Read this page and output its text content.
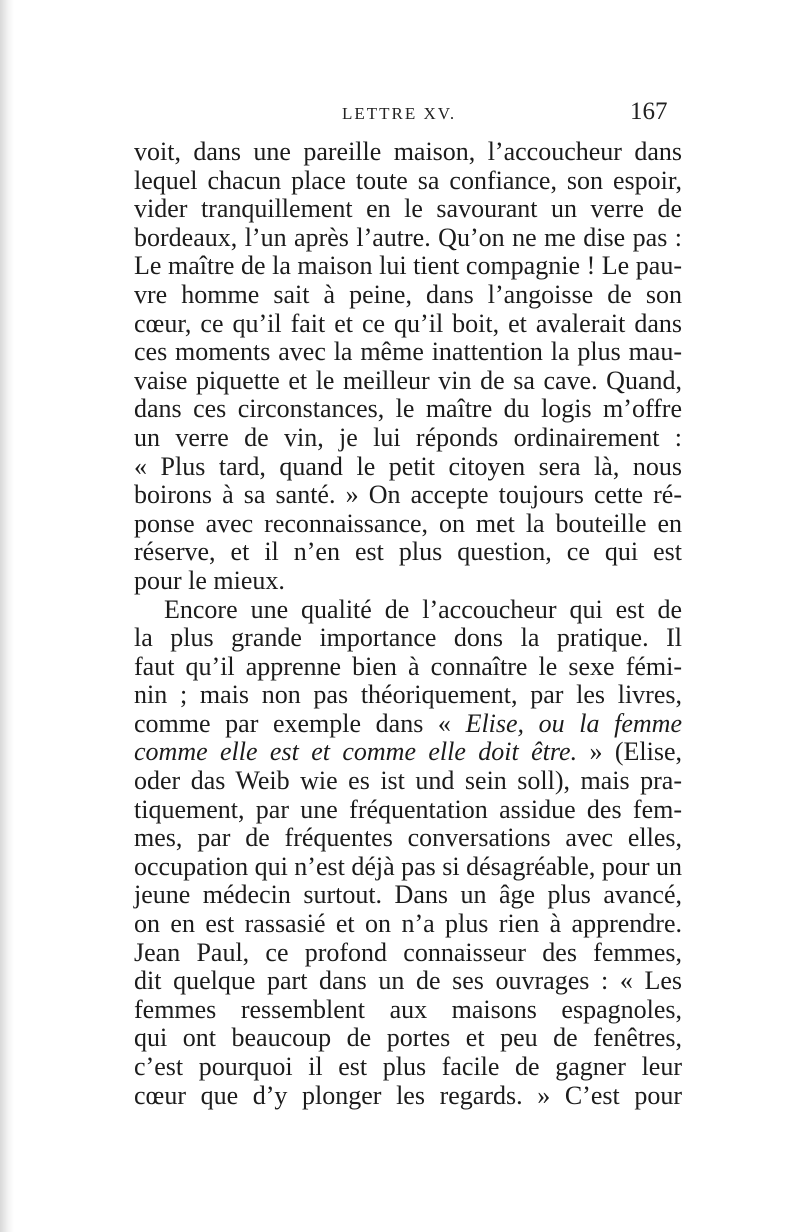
LETTRE XV.	167
voit, dans une pareille maison, l’accoucheur dans
lequel chacun place toute sa confiance, son espoir,
vider tranquillement en le savourant un verre de
bordeaux, l’un après l’autre. Qu’on ne me dise pas :
Le maître de la maison lui tient compagnie ! Le pau-
vre homme sait à peine, dans l’angoisse de son
cœur, ce qu’il fait et ce qu’il boit, et avalerait dans
ces moments avec la même inattention la plus mau-
vaise piquette et le meilleur vin de sa cave. Quand,
dans ces circonstances, le maître du logis m’offre
un verre de vin, je lui réponds ordinairement :
« Plus tard, quand le petit citoyen sera là, nous
boirons à sa santé. » On accepte toujours cette ré-
ponse avec reconnaissance, on met la bouteille en
réserve, et il n’en est plus question, ce qui est
pour le mieux.
Encore une qualité de l’accoucheur qui est de
la plus grande importance dons la pratique. Il
faut qu’il apprenne bien à connaître le sexe fémi-
nin ; mais non pas théoriquement, par les livres,
comme par exemple dans « Elise, ou la femme
comme elle est et comme elle doit être. » (Elise,
oder das Weib wie es ist und sein soll), mais pra-
tiquement, par une fréquentation assidue des fem-
mes, par de fréquentes conversations avec elles,
occupation qui n’est déjà pas si désagréable, pour un
jeune médecin surtout. Dans un âge plus avancé,
on en est rassasié et on n’a plus rien à apprendre.
Jean Paul, ce profond connaisseur des femmes,
dit quelque part dans un de ses ouvrages : « Les
femmes ressemblent aux maisons espagnoles,
qui ont beaucoup de portes et peu de fenêtres,
c’est pourquoi il est plus facile de gagner leur
cœur que d’y plonger les regards. » C’est pour
